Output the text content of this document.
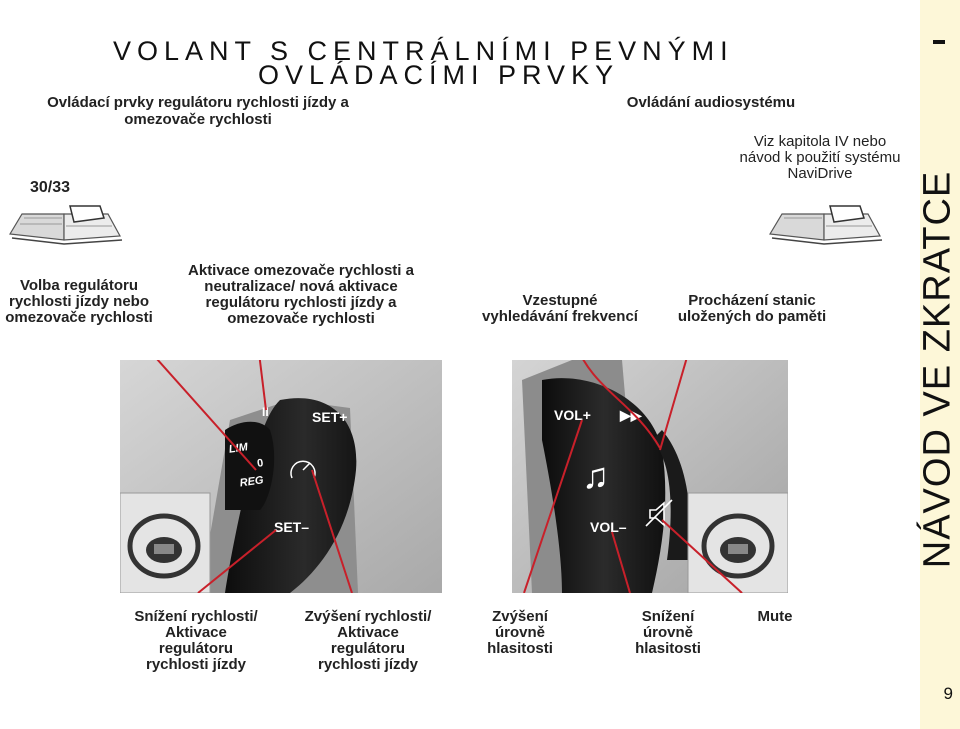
VOLANT S CENTRÁLNÍMI PEVNÝMI
OVLÁDACÍMI PRVKY
Ovládací prvky regulátoru rychlosti jízdy a omezovače rychlosti
Ovládání audiosystému
30/33
Viz kapitola IV nebo návod k použití systému NaviDrive
Volba regulátoru rychlosti jízdy nebo omezovače rychlosti
Aktivace omezovače rychlosti a neutralizace/ nová aktivace regulátoru rychlosti jízdy a omezovače rychlosti
Vzestupné vyhledávání frekvencí
Procházení stanic uložených do paměti
LIM
0
REG
II	SET+
SET–
VOL+ ▶▶
VOL–
♫
Snížení rychlosti/ Aktivace regulátoru rychlosti jízdy
Zvýšení rychlosti/ Aktivace regulátoru rychlosti jízdy
Zvýšení úrovně hlasitosti
Snížení úrovně hlasitosti
Mute
NÁVOD VE ZKRATCE
9
